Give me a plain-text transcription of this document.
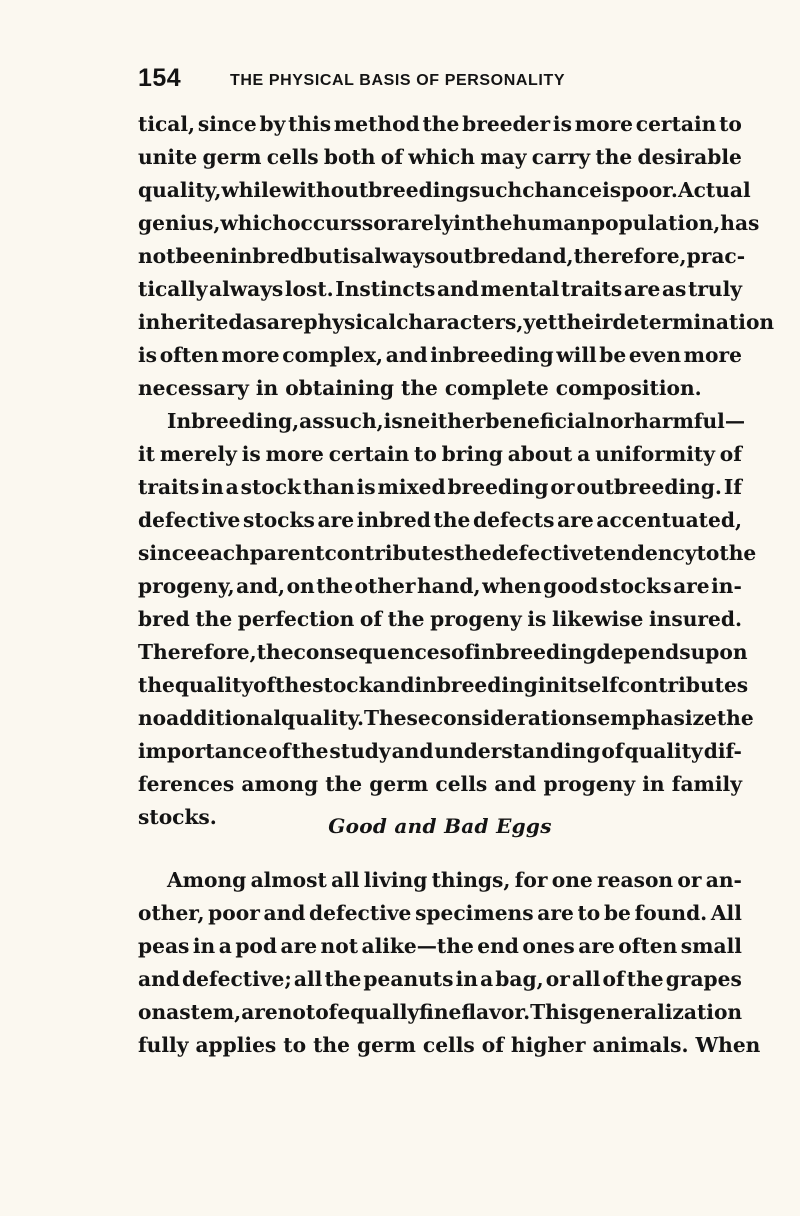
154	THE PHYSICAL BASIS OF PERSONALITY
tical, since by this method the breeder is more certain to
unite germ cells both of which may carry the desirable
quality, while with outbreeding such chance is poor. Actual
genius, which occurs so rarely in the human population, has
not been inbred but is always outbred and, therefore, prac-
tically always lost. Instincts and mental traits are as truly
inherited as are physical characters, yet their determination
is often more complex, and inbreeding will be even more
necessary in obtaining the complete composition.
Inbreeding, as such, is neither beneficial nor harmful—
it merely is more certain to bring about a uniformity of
traits in a stock than is mixed breeding or outbreeding. If
defective stocks are inbred the defects are accentuated,
since each parent contributes the defective tendency to the
progeny, and, on the other hand, when good stocks are in-
bred the perfection of the progeny is likewise insured.
Therefore, the consequences of inbreeding depends upon
the quality of the stock and inbreeding in itself contributes
no additional quality. These considerations emphasize the
importance of the study and understanding of quality dif-
ferences among the germ cells and progeny in family
stocks.	Good and Bad Eggs
Among almost all living things, for one reason or an-
other, poor and defective specimens are to be found. All
peas in a pod are not alike—the end ones are often small
and defective; all the peanuts in a bag, or all of the grapes
on a stem, are not of equally fine flavor. This generalization
fully applies to the germ cells of higher animals. When
